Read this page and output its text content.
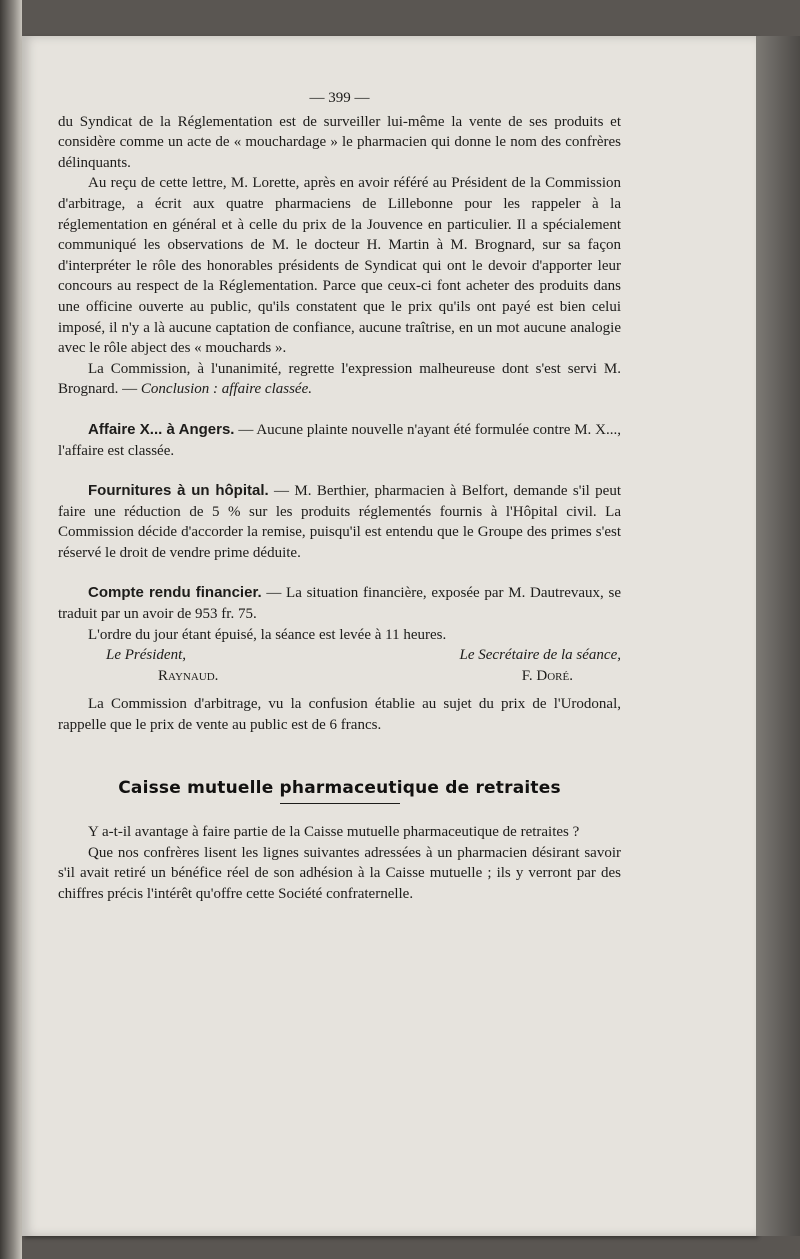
— 399 —

du Syndicat de la Réglementation est de surveiller lui-même la vente de ses produits et considère comme un acte de « mouchardage » le pharmacien qui donne le nom des confrères délinquants.

Au reçu de cette lettre, M. Lorette, après en avoir référé au Président de la Commission d'arbitrage, a écrit aux quatre pharmaciens de Lillebonne pour les rappeler à la réglementation en général et à celle du prix de la Jouvence en particulier. Il a spécialement communiqué les observations de M. le docteur H. Martin à M. Brognard, sur sa façon d'interpréter le rôle des honorables présidents de Syndicat qui ont le devoir d'apporter leur concours au respect de la Réglementation. Parce que ceux-ci font acheter des produits dans une officine ouverte au public, qu'ils constatent que le prix qu'ils ont payé est bien celui imposé, il n'y a là aucune captation de confiance, aucune traîtrise, en un mot aucune analogie avec le rôle abject des « mouchards ».

La Commission, à l'unanimité, regrette l'expression malheureuse dont s'est servi M. Brognard. — Conclusion : affaire classée.

Affaire X... à Angers. — Aucune plainte nouvelle n'ayant été formulée contre M. X..., l'affaire est classée.

Fournitures à un hôpital. — M. Berthier, pharmacien à Belfort, demande s'il peut faire une réduction de 5 % sur les produits réglementés fournis à l'Hôpital civil. La Commission décide d'accorder la remise, puisqu'il est entendu que le Groupe des primes s'est réservé le droit de vendre prime déduite.

Compte rendu financier. — La situation financière, exposée par M. Dautrevaux, se traduit par un avoir de 953 fr. 75.

L'ordre du jour étant épuisé, la séance est levée à 11 heures.

Le Président,	Le Secrétaire de la séance,
Raynaud.	F. Doré.

La Commission d'arbitrage, vu la confusion établie au sujet du prix de l'Urodonal, rappelle que le prix de vente au public est de 6 francs.

Caisse mutuelle pharmaceutique de retraites

Y a-t-il avantage à faire partie de la Caisse mutuelle pharmaceutique de retraites ?

Que nos confrères lisent les lignes suivantes adressées à un pharmacien désirant savoir s'il avait retiré un bénéfice réel de son adhésion à la Caisse mutuelle ; ils y verront par des chiffres précis l'intérêt qu'offre cette Société confraternelle.
